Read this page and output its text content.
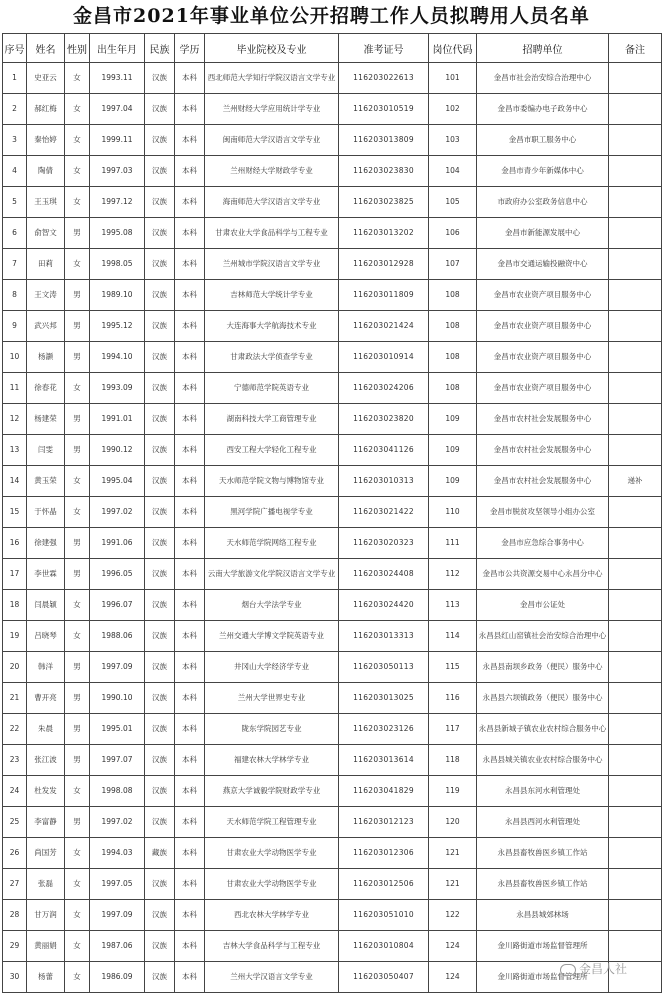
金昌市2021年事业单位公开招聘工作人员拟聘用人员名单
序号	姓名	性别	出生年月	民族	学历	毕业院校及专业	准考证号	岗位代码	招聘单位	备注
1	史亚云	女	1993.11	汉族	本科	西北师范大学知行学院汉语言文学专业	116203022613	101	金昌市社会治安综合治理中心	
2	郝红梅	女	1997.04	汉族	本科	兰州财经大学应用统计学专业	116203010519	102	金昌市委编办电子政务中心	
3	秦怡婷	女	1999.11	汉族	本科	闽南师范大学汉语言文学专业	116203013809	103	金昌市职工服务中心	
4	陶倩	女	1997.03	汉族	本科	兰州财经大学财政学专业	116203023830	104	金昌市青少年新媒体中心	
5	王玉琪	女	1997.12	汉族	本科	海南师范大学汉语言文学专业	116203023825	105	市政府办公室政务信息中心	
6	俞智文	男	1995.08	汉族	本科	甘肃农业大学食品科学与工程专业	116203013202	106	金昌市新能源发展中心	
7	田莉	女	1998.05	汉族	本科	兰州城市学院汉语言文学专业	116203012928	107	金昌市交通运输投融资中心	
8	王文涛	男	1989.10	汉族	本科	吉林师范大学统计学专业	116203011809	108	金昌市农业资产项目服务中心	
9	武兴邦	男	1995.12	汉族	本科	大连海事大学航海技术专业	116203021424	108	金昌市农业资产项目服务中心	
10	杨灏	男	1994.10	汉族	本科	甘肃政法大学侦查学专业	116203010914	108	金昌市农业资产项目服务中心	
11	徐春花	女	1993.09	汉族	本科	宁德师范学院英语专业	116203024206	108	金昌市农业资产项目服务中心	
12	杨建荣	男	1991.01	汉族	本科	湖南科技大学工商管理专业	116203023820	109	金昌市农村社会发展服务中心	
13	闫雯	男	1990.12	汉族	本科	西安工程大学轻化工程专业	116203041126	109	金昌市农村社会发展服务中心	
14	黄玉荣	女	1995.04	汉族	本科	天水师范学院文物与博物馆专业	116203010313	109	金昌市农村社会发展服务中心	递补
15	于怀晶	女	1997.02	汉族	本科	黑河学院广播电视学专业	116203021422	110	金昌市脱贫攻坚领导小组办公室	
16	徐建强	男	1991.06	汉族	本科	天水师范学院网络工程专业	116203020323	111	金昌市应急综合事务中心	
17	李世霖	男	1996.05	汉族	本科	云南大学旅游文化学院汉语言文学专业	116203024408	112	金昌市公共资源交易中心永昌分中心	
18	闫晨颖	女	1996.07	汉族	本科	烟台大学法学专业	116203024420	113	金昌市公证处	
19	吕晓琴	女	1988.06	汉族	本科	兰州交通大学博文学院英语专业	116203013313	114	永昌县红山窑镇社会治安综合治理中心	
20	韩洋	男	1997.09	汉族	本科	井冈山大学经济学专业	116203050113	115	永昌县南坝乡政务（便民）服务中心	
21	曹开亮	男	1990.10	汉族	本科	兰州大学世界史专业	116203013025	116	永昌县六坝镇政务（便民）服务中心	
22	朱晨	男	1995.01	汉族	本科	陇东学院园艺专业	116203023126	117	永昌县新城子镇农业农村综合服务中心	
23	张江波	男	1997.07	汉族	本科	福建农林大学林学专业	116203013614	118	永昌县城关镇农业农村综合服务中心	
24	杜发发	女	1998.08	汉族	本科	燕京大学诚毅学院财政学专业	116203041829	119	永昌县东河水利管理处	
25	李富静	男	1997.02	汉族	本科	天水师范学院工程管理专业	116203012123	120	永昌县西河水利管理处	
26	尚国芳	女	1994.03	藏族	本科	甘肃农业大学动物医学专业	116203012306	121	永昌县畜牧兽医乡镇工作站	
27	张磊	女	1997.05	汉族	本科	甘肃农业大学动物医学专业	116203012506	121	永昌县畜牧兽医乡镇工作站	
28	甘万润	女	1997.09	汉族	本科	西北农林大学林学专业	116203051010	122	永昌县城郊林场	
29	黄丽娟	女	1987.06	汉族	本科	吉林大学食品科学与工程专业	116203010804	124	金川路街道市场监督管理所	
30	杨蕾	女	1986.09	汉族	本科	兰州大学汉语言文学专业	116203050407	124	金川路街道市场监督管理所	
金昌人社
